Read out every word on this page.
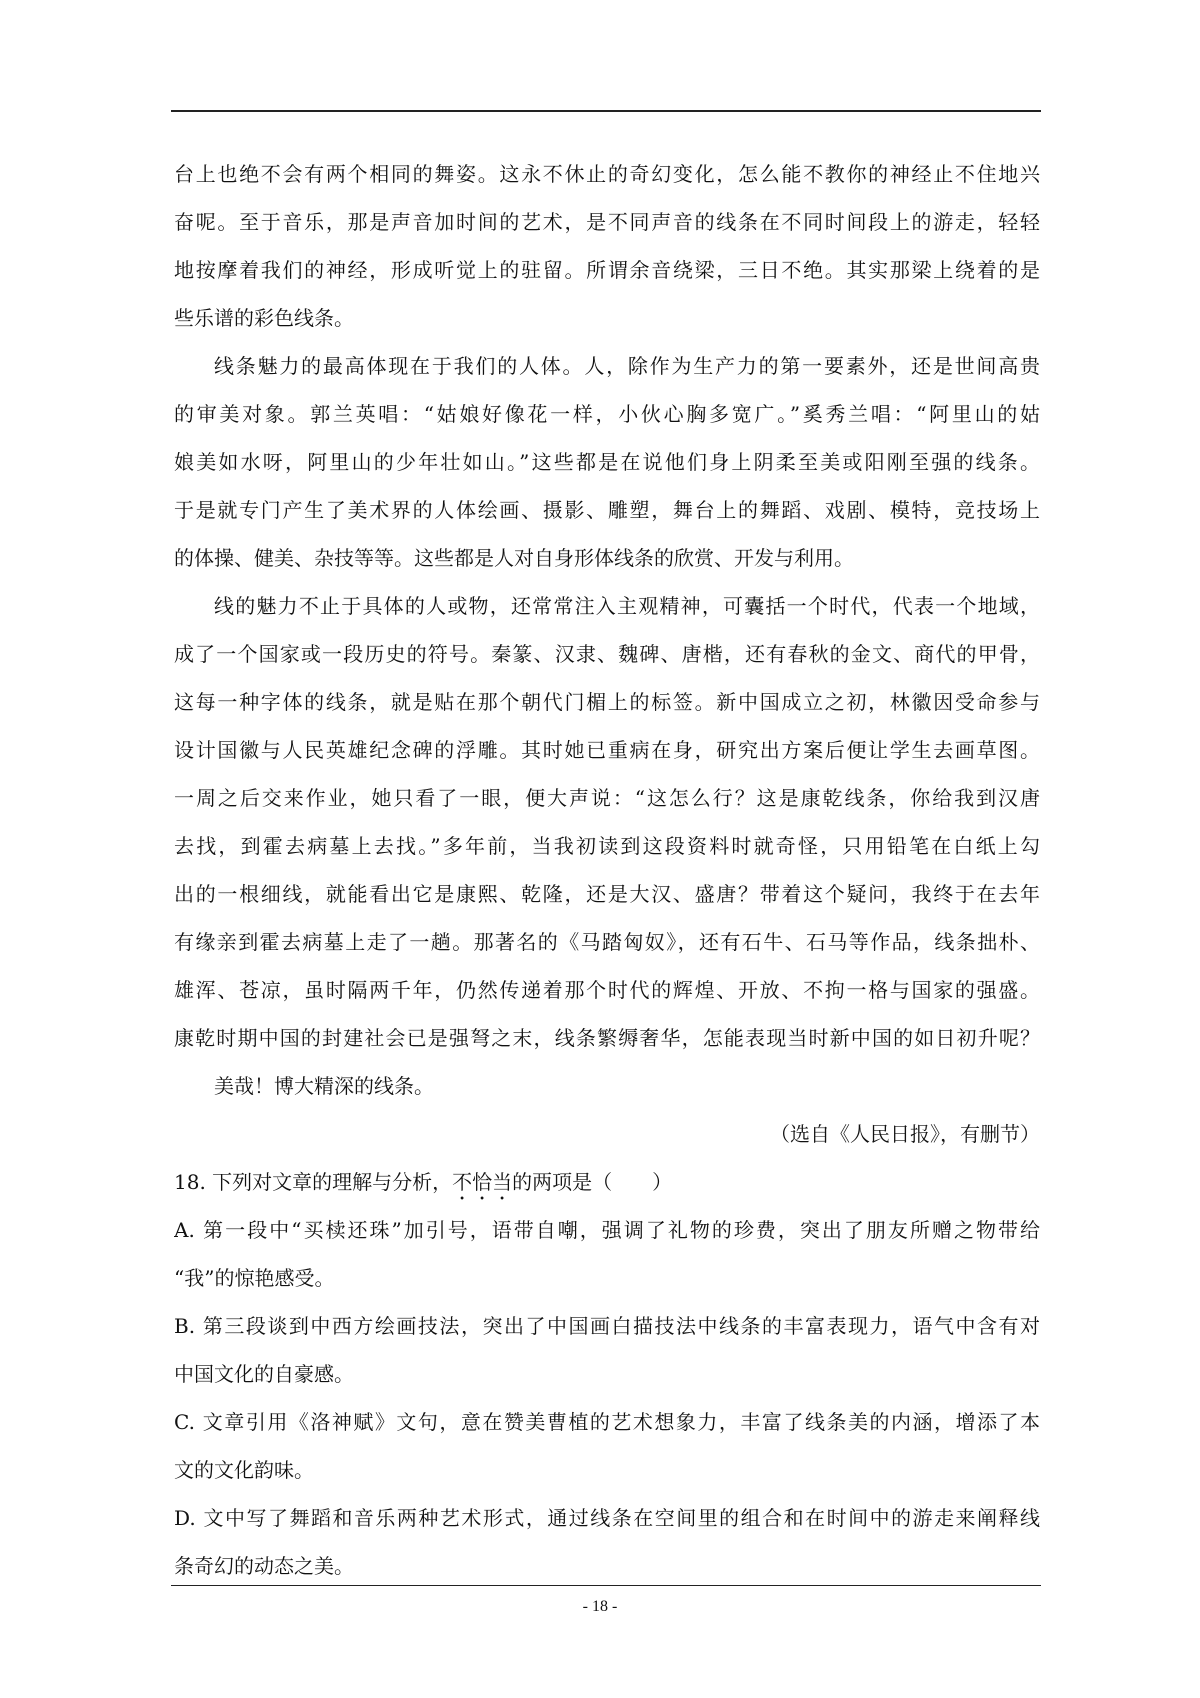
台上也绝不会有两个相同的舞姿。这永不休止的奇幻变化，怎么能不教你的神经止不住地兴
奋呢。至于音乐，那是声音加时间的艺术，是不同声音的线条在不同时间段上的游走，轻轻
地按摩着我们的神经，形成听觉上的驻留。所谓余音绕梁，三日不绝。其实那梁上绕着的是
些乐谱的彩色线条。
线条魅力的最高体现在于我们的人体。人，除作为生产力的第一要素外，还是世间高贵
的审美对象。郭兰英唱：“姑娘好像花一样，小伙心胸多宽广。”奚秀兰唱：“阿里山的姑
娘美如水呀，阿里山的少年壮如山。”这些都是在说他们身上阴柔至美或阳刚至强的线条。
于是就专门产生了美术界的人体绘画、摄影、雕塑，舞台上的舞蹈、戏剧、模特，竞技场上
的体操、健美、杂技等等。这些都是人对自身形体线条的欣赏、开发与利用。
线的魅力不止于具体的人或物，还常常注入主观精神，可囊括一个时代，代表一个地域，
成了一个国家或一段历史的符号。秦篆、汉隶、魏碑、唐楷，还有春秋的金文、商代的甲骨，
这每一种字体的线条，就是贴在那个朝代门楣上的标签。新中国成立之初，林徽因受命参与
设计国徽与人民英雄纪念碑的浮雕。其时她已重病在身，研究出方案后便让学生去画草图。
一周之后交来作业，她只看了一眼，便大声说：“这怎么行？这是康乾线条，你给我到汉唐
去找，到霍去病墓上去找。”多年前，当我初读到这段资料时就奇怪，只用铅笔在白纸上勾
出的一根细线，就能看出它是康熙、乾隆，还是大汉、盛唐？带着这个疑问，我终于在去年
有缘亲到霍去病墓上走了一趟。那著名的《马踏匈奴》，还有石牛、石马等作品，线条拙朴、
雄浑、苍凉，虽时隔两千年，仍然传递着那个时代的辉煌、开放、不拘一格与国家的强盛。
康乾时期中国的封建社会已是强弩之末，线条繁缛奢华，怎能表现当时新中国的如日初升呢？
美哉！博大精深的线条。
（选自《人民日报》，有删节）
18. 下列对文章的理解与分析，不恰当的两项是（　　）
A. 第一段中“买椟还珠”加引号，语带自嘲，强调了礼物的珍费，突出了朋友所赠之物带给
“我”的惊艳感受。
B. 第三段谈到中西方绘画技法，突出了中国画白描技法中线条的丰富表现力，语气中含有对
中国文化的自豪感。
C. 文章引用《洛神赋》文句，意在赞美曹植的艺术想象力，丰富了线条美的内涵，增添了本
文的文化韵味。
D. 文中写了舞蹈和音乐两种艺术形式，通过线条在空间里的组合和在时间中的游走来阐释线
条奇幻的动态之美。
- 18 -
